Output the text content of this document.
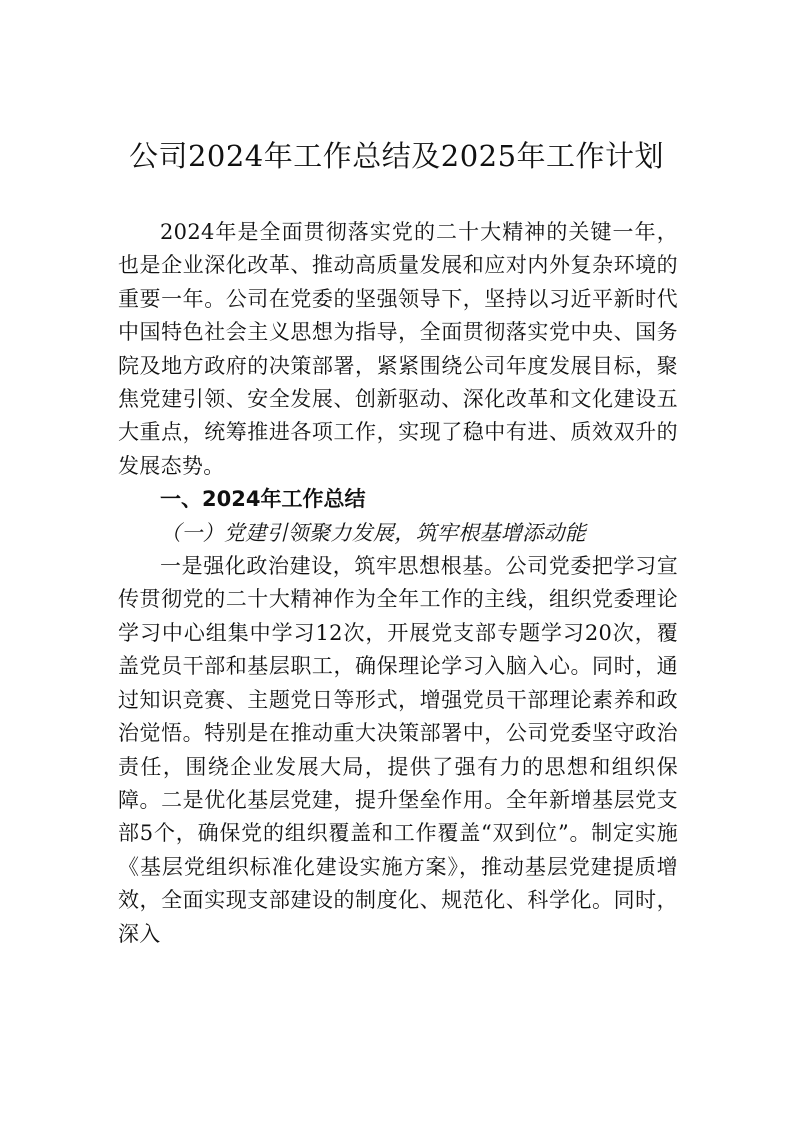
公司2024年工作总结及2025年工作计划

2024年是全面贯彻落实党的二十大精神的关键一年，也是企业深化改革、推动高质量发展和应对内外复杂环境的重要一年。公司在党委的坚强领导下，坚持以习近平新时代中国特色社会主义思想为指导，全面贯彻落实党中央、国务院及地方政府的决策部署，紧紧围绕公司年度发展目标，聚焦党建引领、安全发展、创新驱动、深化改革和文化建设五大重点，统筹推进各项工作，实现了稳中有进、质效双升的发展态势。

一、2024年工作总结

（一）党建引领聚力发展，筑牢根基增添动能

一是强化政治建设，筑牢思想根基。公司党委把学习宣传贯彻党的二十大精神作为全年工作的主线，组织党委理论学习中心组集中学习12次，开展党支部专题学习20次，覆盖党员干部和基层职工，确保理论学习入脑入心。同时，通过知识竞赛、主题党日等形式，增强党员干部理论素养和政治觉悟。特别是在推动重大决策部署中，公司党委坚守政治责任，围绕企业发展大局，提供了强有力的思想和组织保障。二是优化基层党建，提升堡垒作用。全年新增基层党支部5个，确保党的组织覆盖和工作覆盖“双到位”。制定实施《基层党组织标准化建设实施方案》，推动基层党建提质增效，全面实现支部建设的制度化、规范化、科学化。同时，深入
